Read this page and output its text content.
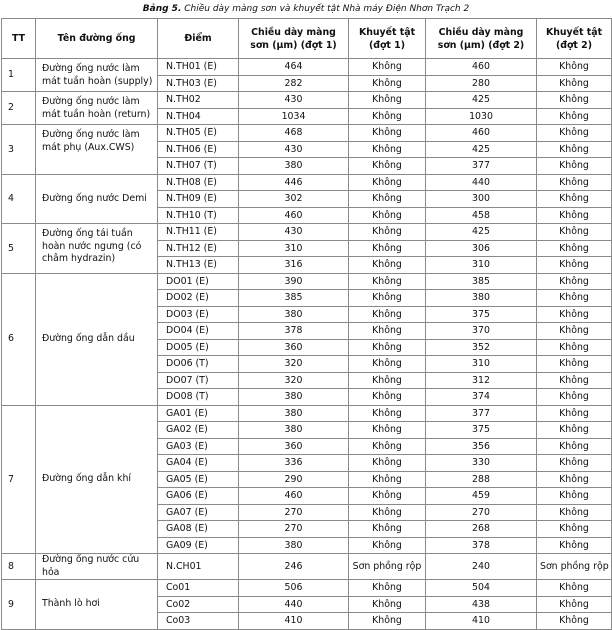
Bảng 5. Chiều dày màng sơn và khuyết tật Nhà máy Điện Nhơn Trạch 2
TT	Tên đường ống	Điểm	Chiều dày màng sơn (µm) (đợt 1)	Khuyết tật (đợt 1)	Chiều dày màng sơn (µm) (đợt 2)	Khuyết tật (đợt 2)
1	Đường ống nước làm mát tuần hoàn (supply)	N.TH01 (E)	464	Không	460	Không
		N.TH03 (E)	282	Không	280	Không
2	Đường ống nước làm mát tuần hoàn (return)	N.TH02	430	Không	425	Không
		N.TH04	1034	Không	1030	Không
3	Đường ống nước làm mát phụ (Aux.CWS)	N.TH05 (E)	468	Không	460	Không
		N.TH06 (E)	430	Không	425	Không
		N.TH07 (T)	380	Không	377	Không
4	Đường ống nước Demi	N.TH08 (E)	446	Không	440	Không
		N.TH09 (E)	302	Không	300	Không
		N.TH10 (T)	460	Không	458	Không
5	Đường ống tái tuần hoàn nước ngưng (có châm hydrazin)	N.TH11 (E)	430	Không	425	Không
		N.TH12 (E)	310	Không	306	Không
		N.TH13 (E)	316	Không	310	Không
6	Đường ống dẫn dầu	DO01 (E)	390	Không	385	Không
		DO02 (E)	385	Không	380	Không
		DO03 (E)	380	Không	375	Không
		DO04 (E)	378	Không	370	Không
		DO05 (E)	360	Không	352	Không
		DO06 (T)	320	Không	310	Không
		DO07 (T)	320	Không	312	Không
		DO08 (T)	380	Không	374	Không
7	Đường ống dẫn khí	GA01 (E)	380	Không	377	Không
		GA02 (E)	380	Không	375	Không
		GA03 (E)	360	Không	356	Không
		GA04 (E)	336	Không	330	Không
		GA05 (E)	290	Không	288	Không
		GA06 (E)	460	Không	459	Không
		GA07 (E)	270	Không	270	Không
		GA08 (E)	270	Không	268	Không
		GA09 (E)	380	Không	378	Không
8	Đường ống nước cứu hỏa	N.CH01	246	Sơn phồng rộp	240	Sơn phồng rộp
9	Thành lò hơi	Co01	506	Không	504	Không
		Co02	440	Không	438	Không
		Co03	410	Không	410	Không
